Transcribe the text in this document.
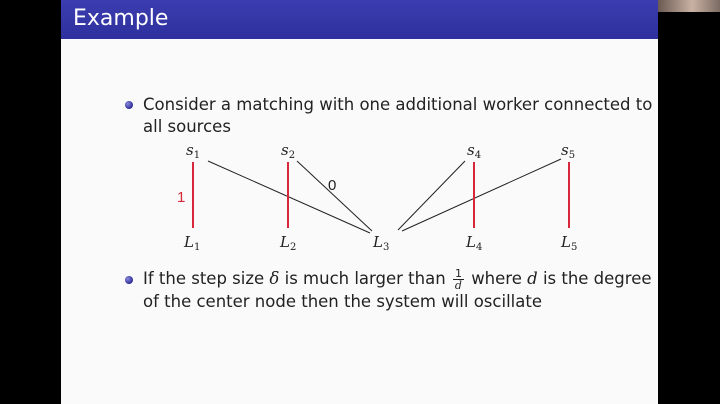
Example
Consider a matching with one additional worker connected to
all sources
1
0
s1	s2	s4	s5
L1	L2	L3	L4	L5
If the step size δ is much larger than $\frac{1}{d}$ where d is the degree
of the center node then the system will oscillate
